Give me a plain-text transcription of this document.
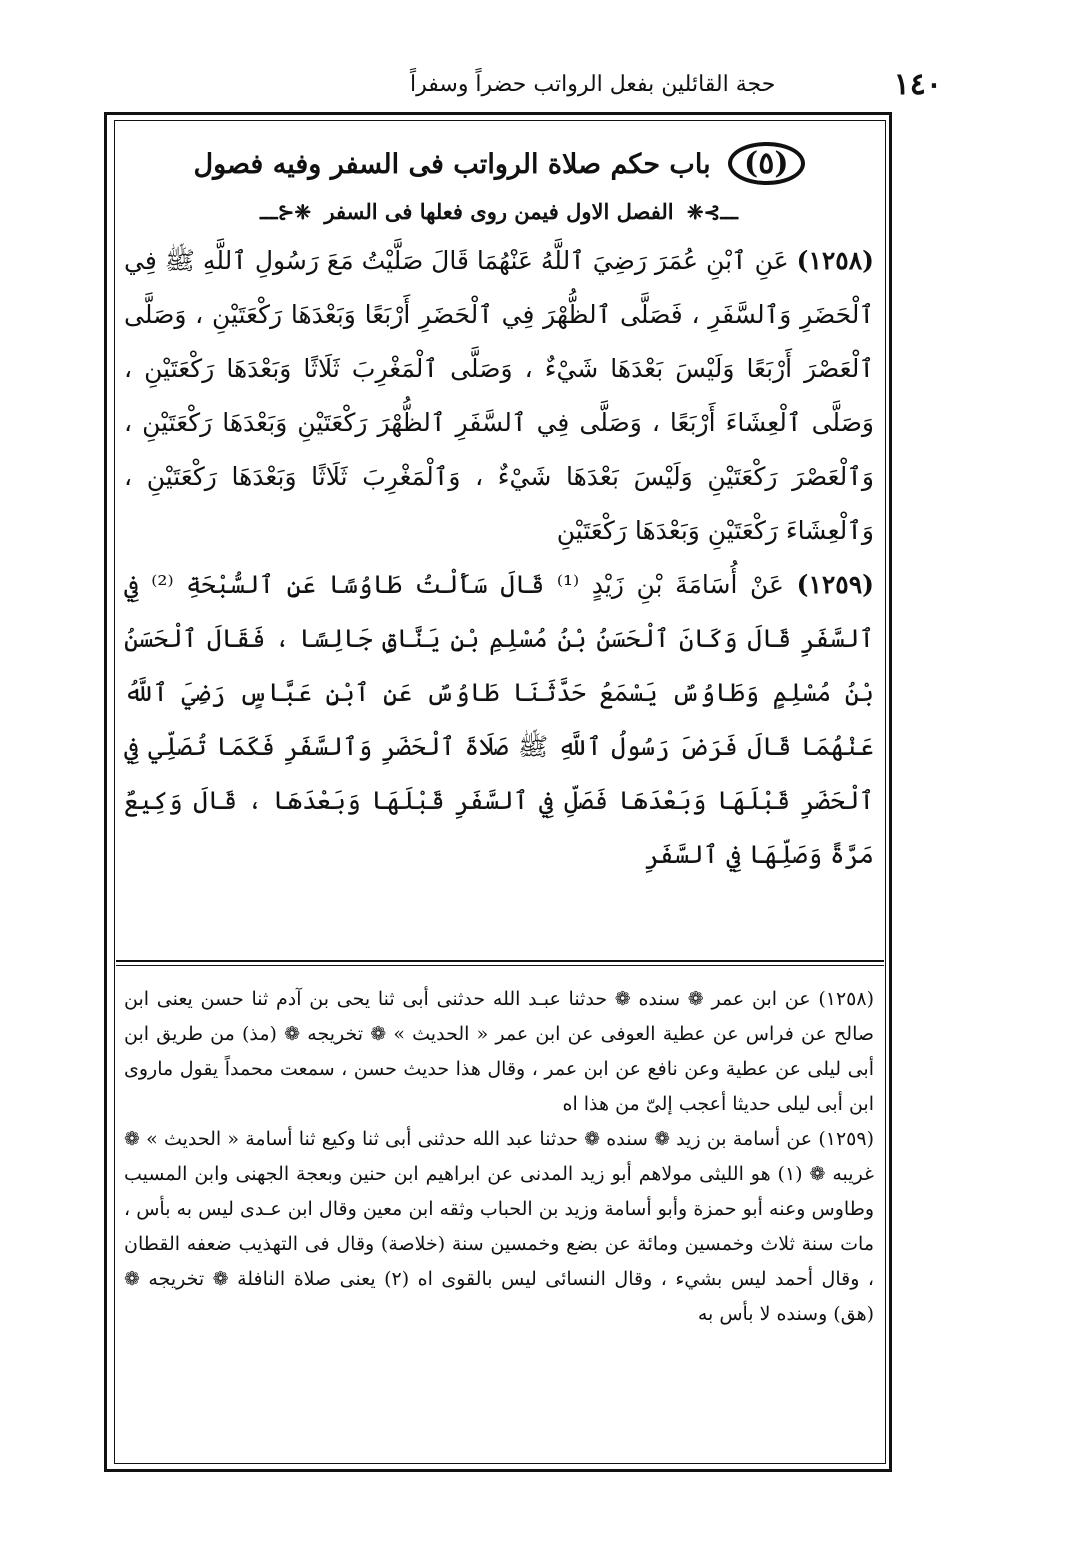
١٤٠
حجة القائلين بفعل الرواتب حضراً وسفراً
(٥) باب حكم صلاة الرواتب فى السفر وفيه فصول
ـــ⊱❈ الفصل الاول فيمن روى فعلها فى السفر ❈⊰ـــ

(١٢٥٨) عَنِ ٱبْنِ عُمَرَ رَضِيَ ٱللَّهُ عَنْهُمَا قَالَ صَلَّيْتُ مَعَ رَسُولِ ٱللَّهِ ﷺ فِي ٱلْحَضَرِ وَٱلسَّفَرِ ، فَصَلَّى ٱلظُّهْرَ فِي ٱلْحَضَرِ أَرْبَعًا وَبَعْدَهَا رَكْعَتَيْنِ ، وَصَلَّى ٱلْعَصْرَ أَرْبَعًا وَلَيْسَ بَعْدَهَا شَيْءٌ ، وَصَلَّى ٱلْمَغْرِبَ ثَلَاثًا وَبَعْدَهَا رَكْعَتَيْنِ ، وَصَلَّى ٱلْعِشَاءَ أَرْبَعًا ، وَصَلَّى فِي ٱلسَّفَرِ ٱلظُّهْرَ رَكْعَتَيْنِ وَبَعْدَهَا رَكْعَتَيْنِ ، وَٱلْعَصْرَ رَكْعَتَيْنِ وَلَيْسَ بَعْدَهَا شَيْءٌ ، وَٱلْمَغْرِبَ ثَلَاثًا وَبَعْدَهَا رَكْعَتَيْنِ ، وَٱلْعِشَاءَ رَكْعَتَيْنِ وَبَعْدَهَا رَكْعَتَيْنِ

(١٢٥٩) عَنْ أُسَامَةَ بْنِ زَيْدٍ ⁽¹⁾ قَالَ سَأَلْتُ طَاوُسًا عَنِ ٱلسُّبْحَةِ ⁽²⁾ فِي ٱلسَّفَرِ قَالَ وَكَانَ ٱلْحَسَنُ بْنُ مُسْلِمِ بْنِ يَنَّاقٍ جَالِسًا ، فَقَالَ ٱلْحَسَنُ بْنُ مُسْلِمٍ وَطَاوُسٌ يَسْمَعُ حَدَّثَنَا طَاوُسٌ عَنِ ٱبْنِ عَبَّاسٍ رَضِيَ ٱللَّهُ عَنْهُمَا قَالَ فَرَضَ رَسُولُ ٱللَّهِ ﷺ صَلَاةَ ٱلْحَضَرِ وَٱلسَّفَرِ فَكَمَا تُصَلِّي فِي ٱلْحَضَرِ قَبْلَهَا وَبَعْدَهَا فَصَلِّ فِي ٱلسَّفَرِ قَبْلَهَا وَبَعْدَهَا ، قَالَ وَكِيعٌ مَرَّةً وَصَلِّهَا فِي ٱلسَّفَرِ

(١٢٥٨) عن ابن عمر ❁ سنده ❁ حدثنا عبـد الله حدثنى أبى ثنا يحى بن آدم ثنا حسن يعنى ابن صالح عن فراس عن عطية العوفى عن ابن عمر « الحديث » ❁ تخريجه ❁ (مذ) من طريق ابن أبى ليلى عن عطية وعن نافع عن ابن عمر ، وقال هذا حديث حسن ، سمعت محمداً يقول ماروى ابن أبى ليلى حديثا أعجب إلىّ من هذا اه

(١٢٥٩) عن أسامة بن زيد ❁ سنده ❁ حدثنا عبد الله حدثنى أبى ثنا وكيع ثنا أسامة « الحديث » ❁ غريبه ❁ (١) هو الليثى مولاهم أبو زيد المدنى عن ابراهيم ابن حنين وبعجة الجهنى وابن المسيب وطاوس وعنه أبو حمزة وأبو أسامة وزيد بن الحباب وثقه ابن معين وقال ابن عـدى ليس به بأس ، مات سنة ثلاث وخمسين ومائة عن بضع وخمسين سنة (خلاصة) وقال فى التهذيب ضعفه القطان ، وقال أحمد ليس بشيء ، وقال النسائى ليس بالقوى اه (٢) يعنى صلاة النافلة ❁ تخريجه ❁ (هق) وسنده لا بأس به
